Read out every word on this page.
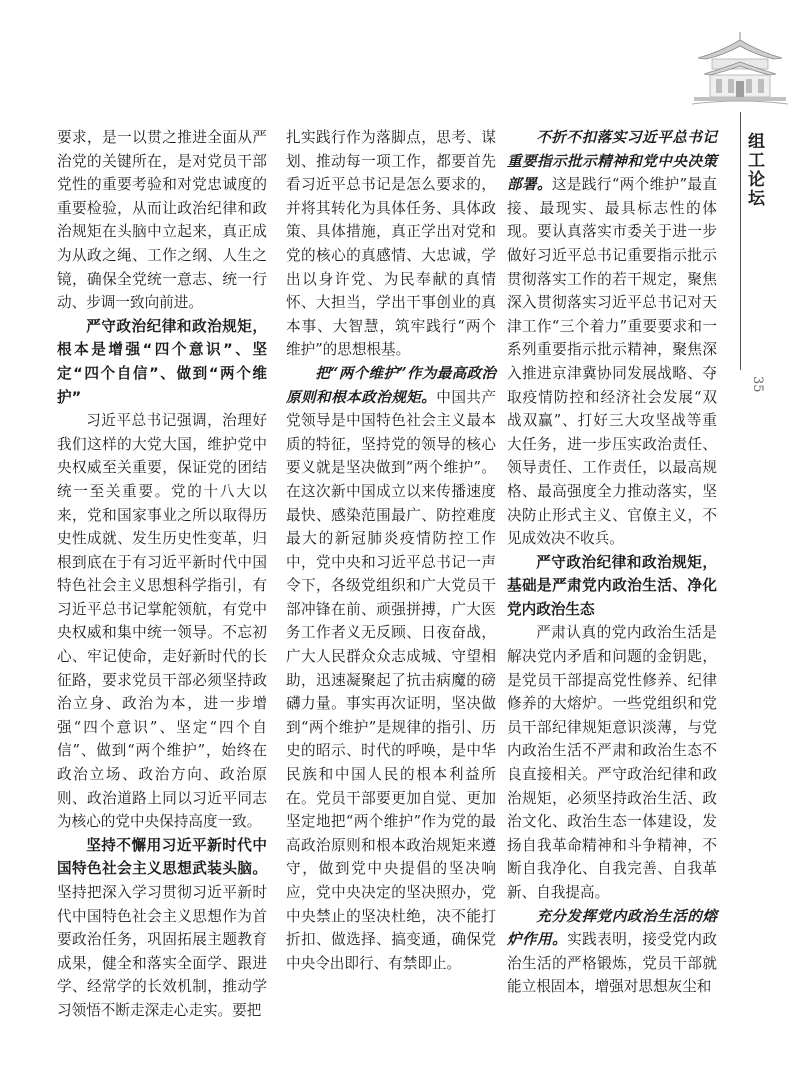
组工论坛
35

要求，是一以贯之推进全面从严治党的关键所在，是对党员干部党性的重要考验和对党忠诚度的重要检验，从而让政治纪律和政治规矩在头脑中立起来，真正成为从政之绳、工作之纲、人生之镜，确保全党统一意志、统一行动、步调一致向前进。

严守政治纪律和政治规矩，根本是增强“四个意识”、坚定“四个自信”、做到“两个维护”

习近平总书记强调，治理好我们这样的大党大国，维护党中央权威至关重要，保证党的团结统一至关重要。党的十八大以来，党和国家事业之所以取得历史性成就、发生历史性变革，归根到底在于有习近平新时代中国特色社会主义思想科学指引，有习近平总书记掌舵领航，有党中央权威和集中统一领导。不忘初心、牢记使命，走好新时代的长征路，要求党员干部必须坚持政治立身、政治为本，进一步增强“四个意识”、坚定“四个自信”、做到“两个维护”，始终在政治立场、政治方向、政治原则、政治道路上同以习近平同志为核心的党中央保持高度一致。

坚持不懈用习近平新时代中国特色社会主义思想武装头脑。坚持把深入学习贯彻习近平新时代中国特色社会主义思想作为首要政治任务，巩固拓展主题教育成果，健全和落实全面学、跟进学、经常学的长效机制，推动学习领悟不断走深走心走实。要把

扎实践行作为落脚点，思考、谋划、推动每一项工作，都要首先看习近平总书记是怎么要求的，并将其转化为具体任务、具体政策、具体措施，真正学出对党和党的核心的真感情、大忠诚，学出以身许党、为民奉献的真情怀、大担当，学出干事创业的真本事、大智慧，筑牢践行“两个维护”的思想根基。

把“两个维护”作为最高政治原则和根本政治规矩。中国共产党领导是中国特色社会主义最本质的特征，坚持党的领导的核心要义就是坚决做到“两个维护”。在这次新中国成立以来传播速度最快、感染范围最广、防控难度最大的新冠肺炎疫情防控工作中，党中央和习近平总书记一声令下，各级党组织和广大党员干部冲锋在前、顽强拼搏，广大医务工作者义无反顾、日夜奋战，广大人民群众众志成城、守望相助，迅速凝聚起了抗击病魔的磅礴力量。事实再次证明，坚决做到“两个维护”是规律的指引、历史的昭示、时代的呼唤，是中华民族和中国人民的根本利益所在。党员干部要更加自觉、更加坚定地把“两个维护”作为党的最高政治原则和根本政治规矩来遵守，做到党中央提倡的坚决响应，党中央决定的坚决照办，党中央禁止的坚决杜绝，决不能打折扣、做选择、搞变通，确保党中央令出即行、有禁即止。

不折不扣落实习近平总书记重要指示批示精神和党中央决策部署。这是践行“两个维护”最直接、最现实、最具标志性的体现。要认真落实市委关于进一步做好习近平总书记重要指示批示贯彻落实工作的若干规定，聚焦深入贯彻落实习近平总书记对天津工作“三个着力”重要要求和一系列重要指示批示精神，聚焦深入推进京津冀协同发展战略、夺取疫情防控和经济社会发展“双战双赢”、打好三大攻坚战等重大任务，进一步压实政治责任、领导责任、工作责任，以最高规格、最高强度全力推动落实，坚决防止形式主义、官僚主义，不见成效决不收兵。

严守政治纪律和政治规矩，基础是严肃党内政治生活、净化党内政治生态

严肃认真的党内政治生活是解决党内矛盾和问题的金钥匙，是党员干部提高党性修养、纪律修养的大熔炉。一些党组织和党员干部纪律规矩意识淡薄，与党内政治生活不严肃和政治生态不良直接相关。严守政治纪律和政治规矩，必须坚持政治生活、政治文化、政治生态一体建设，发扬自我革命精神和斗争精神，不断自我净化、自我完善、自我革新、自我提高。

充分发挥党内政治生活的熔炉作用。实践表明，接受党内政治生活的严格锻炼，党员干部就能立根固本，增强对思想灰尘和
